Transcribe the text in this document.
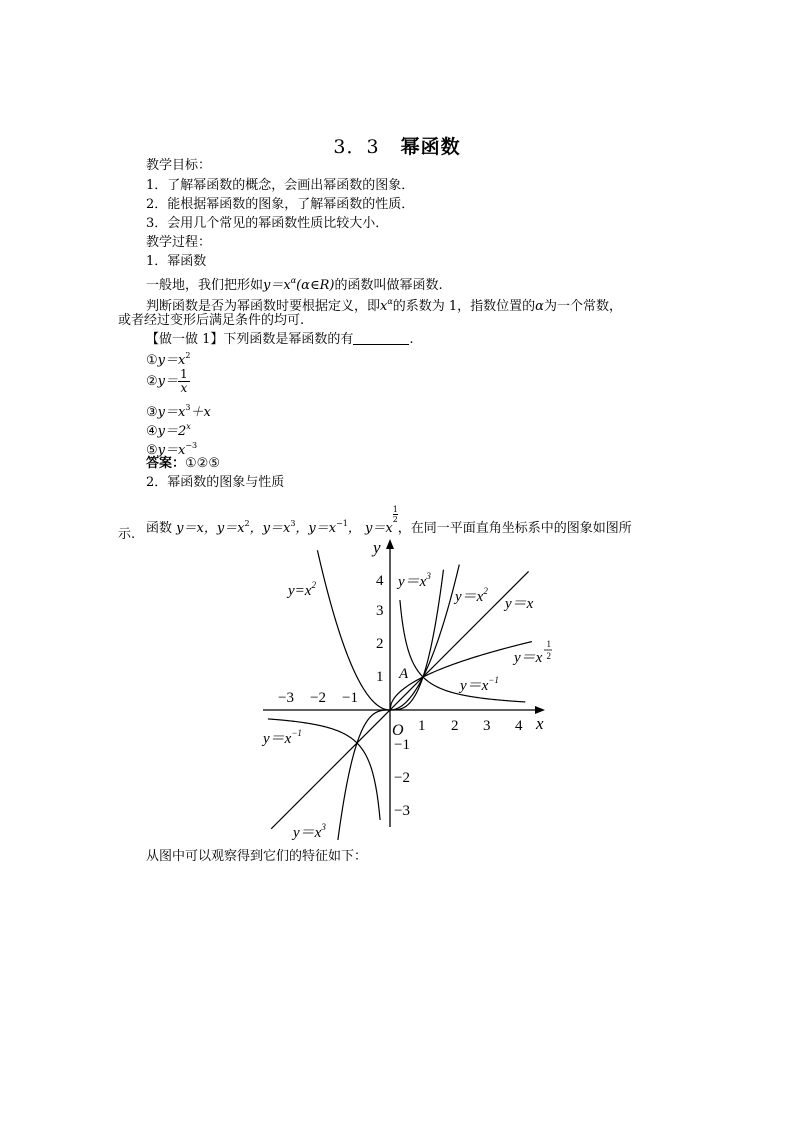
3．3 幂函数
教学目标：
1．了解幂函数的概念，会画出幂函数的图象．
2．能根据幂函数的图象，了解幂函数的性质．
3．会用几个常见的幂函数性质比较大小．
教学过程：
1．幂函数
一般地，我们把形如$y=x^\alpha(\alpha\in R)$的函数叫做幂函数.
判断函数是否为幂函数时要根据定义，即$x^\alpha$的系数为 1，指数位置的α为一个常数，
或者经过变形后满足条件的均可.
【做一做 1】下列函数是幂函数的有	.
$①y=x^2$
②y＝ $\frac{1}{x}$
$③y=x^3+x$
$④y=2^x$
$⑤y=x^{-3}$
答案：①②⑤
2．幂函数的图象与性质
函数 y＝x，$y=x^2$，$y=x^3$，$y=x^{-1}$， y＝x
$\frac{1}{2}$
，在同一平面直角坐标系中的图象如图所
示.
x
y
O
A
−3 −2 −1
1 2 3 4
4
3
2
1
−1
−2
−3
$y=x^2$	$y=x^3$
$y=x^2$
y＝x
y＝x
1
2
$y=x^{-1}$
$y=x^{-1}$
$y=x^3$
从图中可以观察得到它们的特征如下：
